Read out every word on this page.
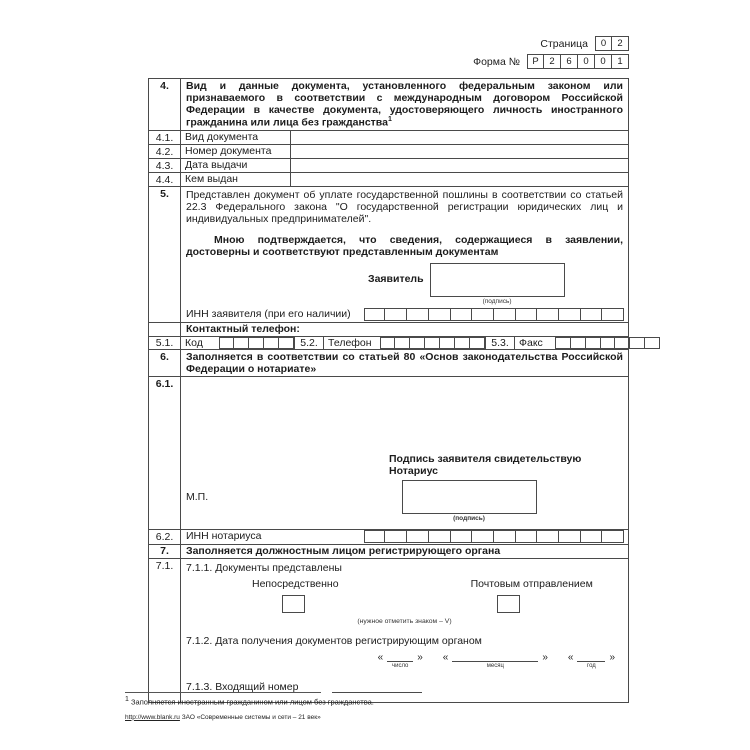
Страница	0	2
Форма №	Р	2	6	0	0	1
4.	Вид и данные документа, установленного федеральным законом или признаваемого в соответствии с международным договором Российской Федерации в качестве документа, удостоверяющего личность иностранного гражданина или лица без гражданства$^1$
4.1.	Вид документа
4.2.	Номер документа
4.3.	Дата выдачи
4.4.	Кем выдан
5.	Представлен документ об уплате государственной пошлины в соответствии со статьей 22.3 Федерального закона "О государственной регистрации юридических лиц и индивидуальных предпринимателей".
Мною подтверждается, что сведения, содержащиеся в заявлении, достоверны и соответствуют представленным документам
Заявитель
(подпись)
ИНН заявителя (при его наличии)
Контактный телефон:
5.1.	Код	5.2. Телефон	5.3. Факс
6.	Заполняется в соответствии со статьей 80 «Основ законодательства Российской Федерации о нотариате»
6.1.
Подпись заявителя свидетельствую
Нотариус
(подпись)
М.П.
6.2.	ИНН нотариуса
7.	Заполняется должностным лицом регистрирующего органа
7.1.	7.1.1. Документы представлены
Непосредственно	Почтовым отправлением
(нужное отметить знаком – V)
7.1.2. Дата получения документов регистрирующим органом
«
число
» «
месяц
» «
год
»
7.1.3. Входящий номер
$^1$ Заполняется иностранным гражданином или лицом без гражданства.
http://www.blank.ru ЗАО «Современные системы и сети – 21 век»
